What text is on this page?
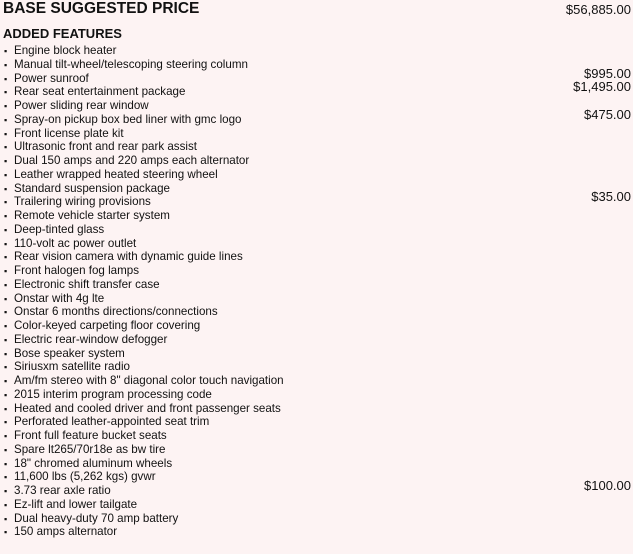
BASE SUGGESTED PRICE	$56,885.00
ADDED FEATURES
▪ Engine block heater
▪ Manual tilt-wheel/telescoping steering column
▪ Power sunroof	$995.00
▪ Rear seat entertainment package	$1,495.00
▪ Power sliding rear window
▪ Spray-on pickup box bed liner with gmc logo	$475.00
▪ Front license plate kit
▪ Ultrasonic front and rear park assist
▪ Dual 150 amps and 220 amps each alternator
▪ Leather wrapped heated steering wheel
▪ Standard suspension package
▪ Trailering wiring provisions	$35.00
▪ Remote vehicle starter system
▪ Deep-tinted glass
▪ 110-volt ac power outlet
▪ Rear vision camera with dynamic guide lines
▪ Front halogen fog lamps
▪ Electronic shift transfer case
▪ Onstar with 4g lte
▪ Onstar 6 months directions/connections
▪ Color-keyed carpeting floor covering
▪ Electric rear-window defogger
▪ Bose speaker system
▪ Siriusxm satellite radio
▪ Am/fm stereo with 8" diagonal color touch navigation
▪ 2015 interim program processing code
▪ Heated and cooled driver and front passenger seats
▪ Perforated leather-appointed seat trim
▪ Front full feature bucket seats
▪ Spare lt265/70r18e as bw tire
▪ 18" chromed aluminum wheels
▪ 11,600 lbs (5,262 kgs) gvwr
▪ 3.73 rear axle ratio	$100.00
▪ Ez-lift and lower tailgate
▪ Dual heavy-duty 70 amp battery
▪ 150 amps alternator
